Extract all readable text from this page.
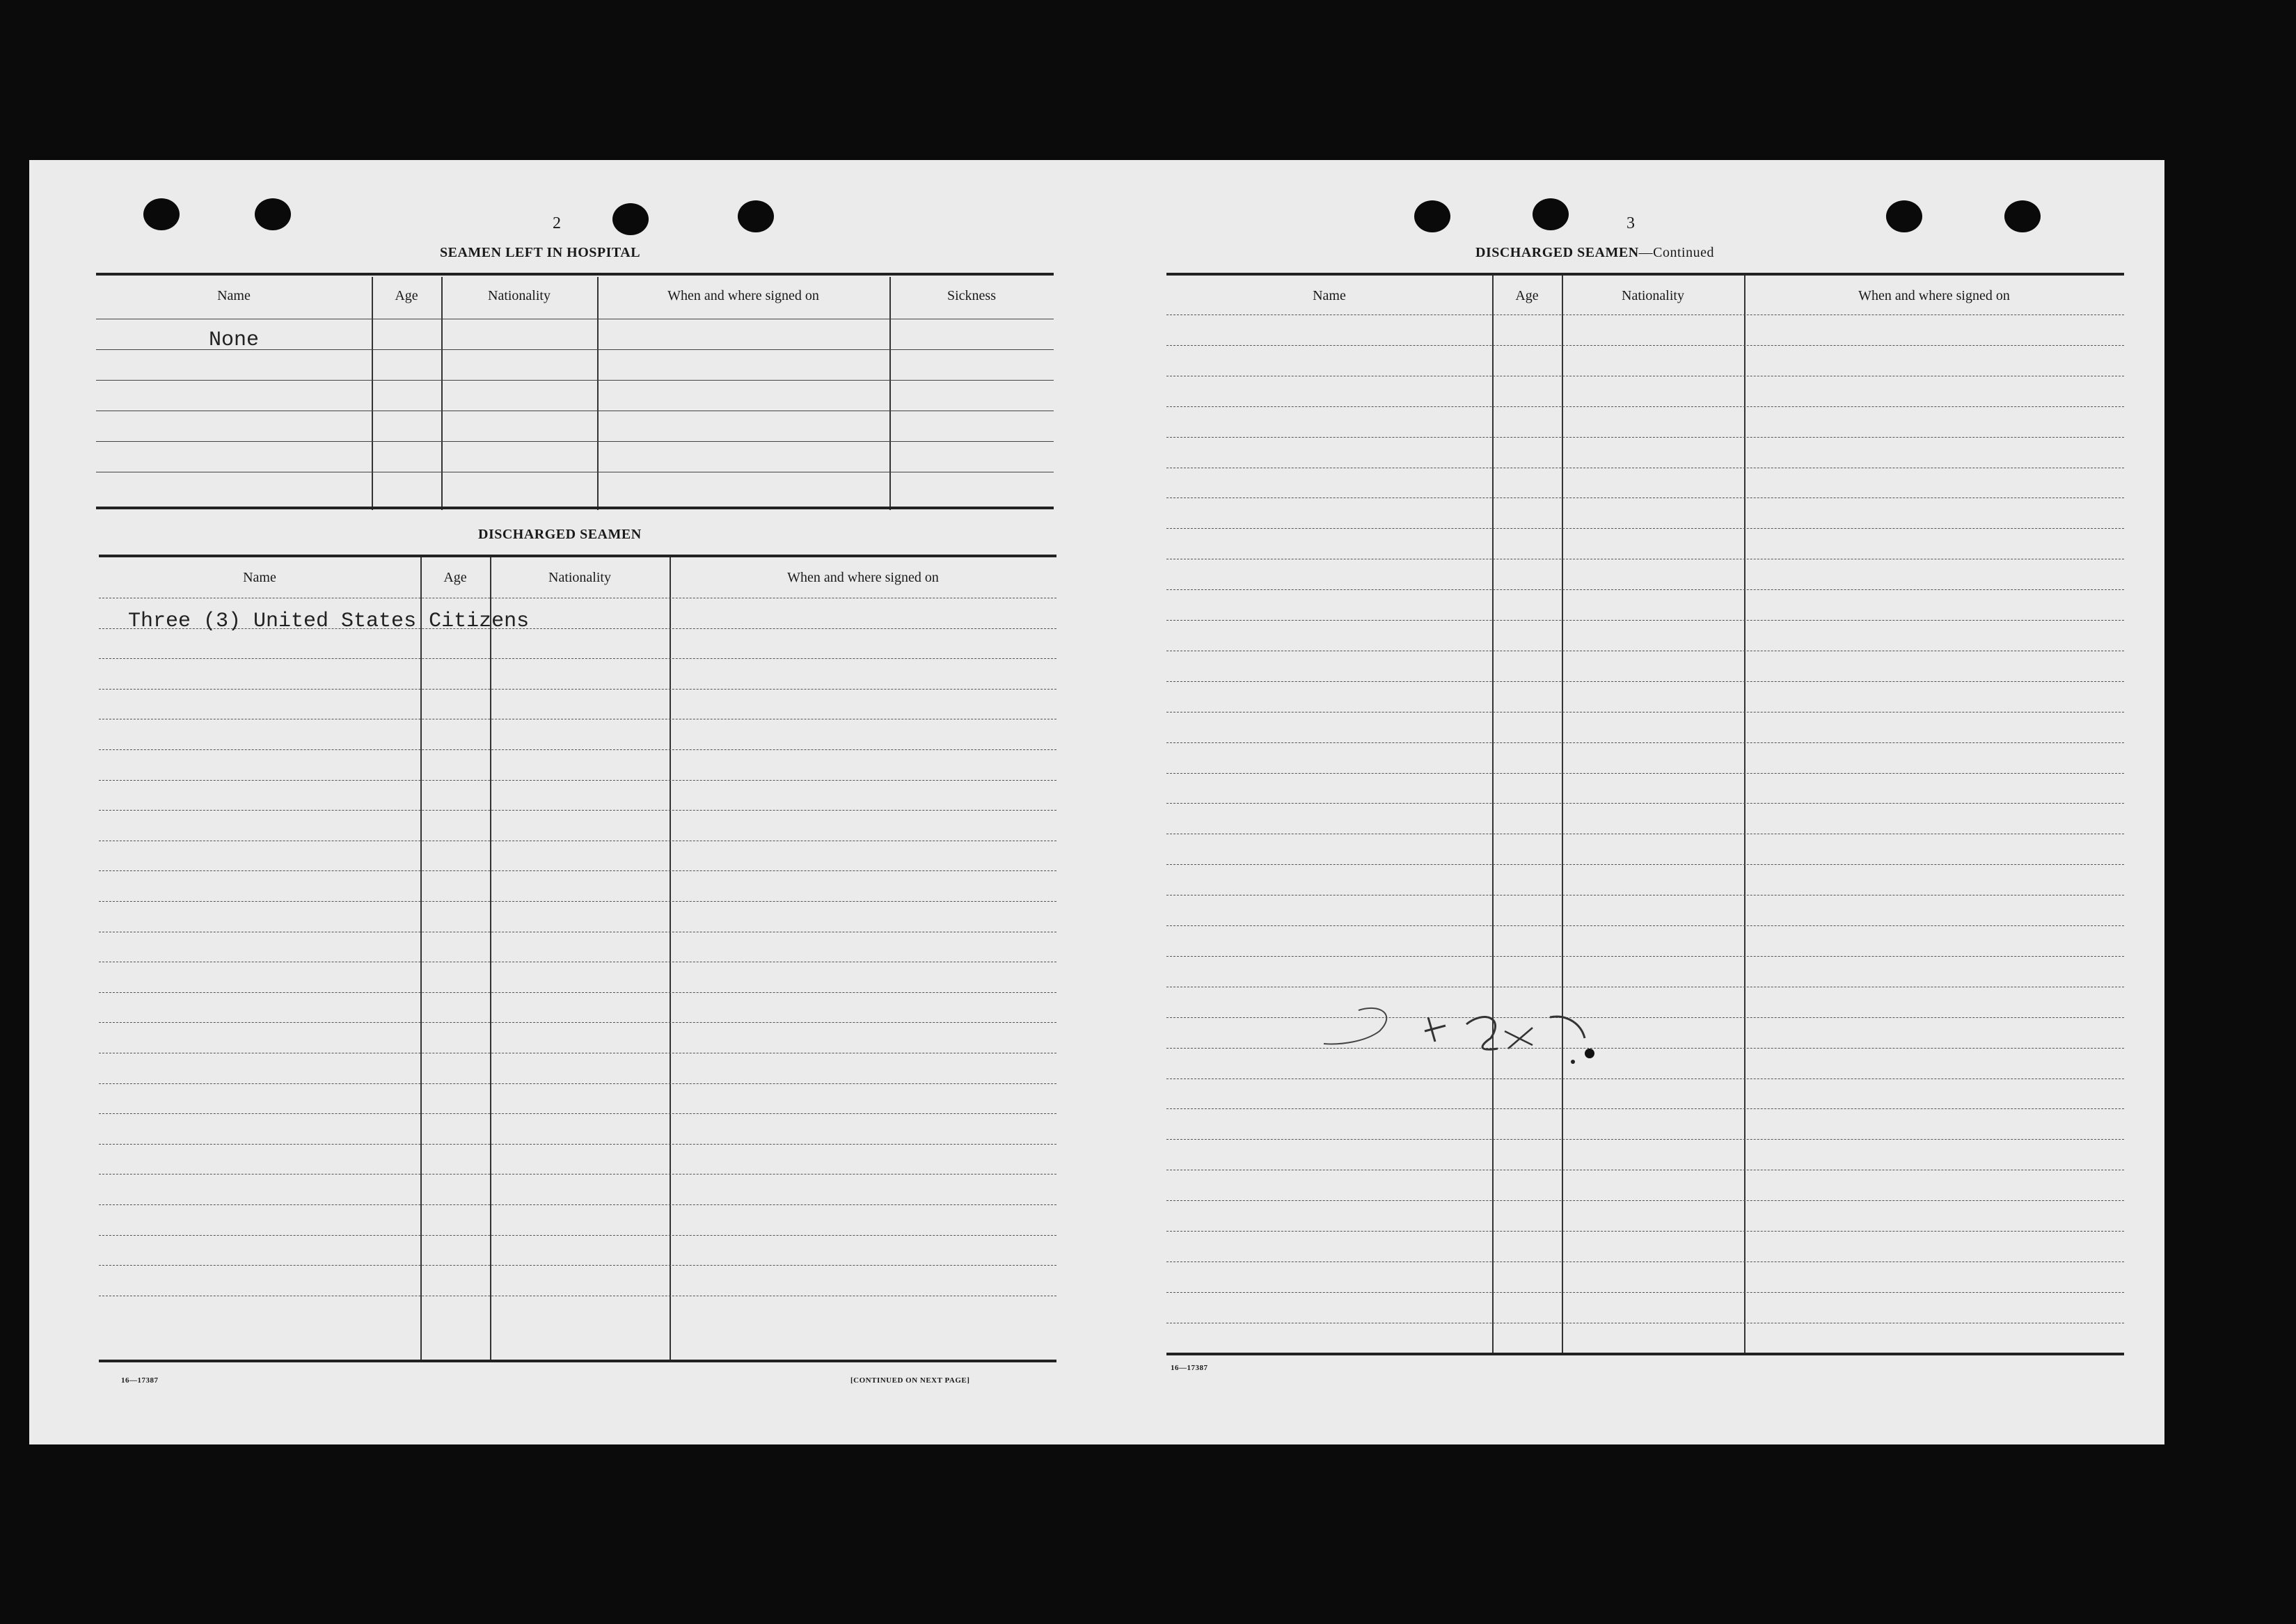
2
SEAMEN LEFT IN HOSPITAL
Name	Age	Nationality	When and where signed on	Sickness
None
DISCHARGED SEAMEN
Name	Age	Nationality	When and where signed on
Three (3) United States Citizens
16—17387	[CONTINUED ON NEXT PAGE]
3
DISCHARGED SEAMEN—Continued
Name	Age	Nationality	When and where signed on
16—17387
